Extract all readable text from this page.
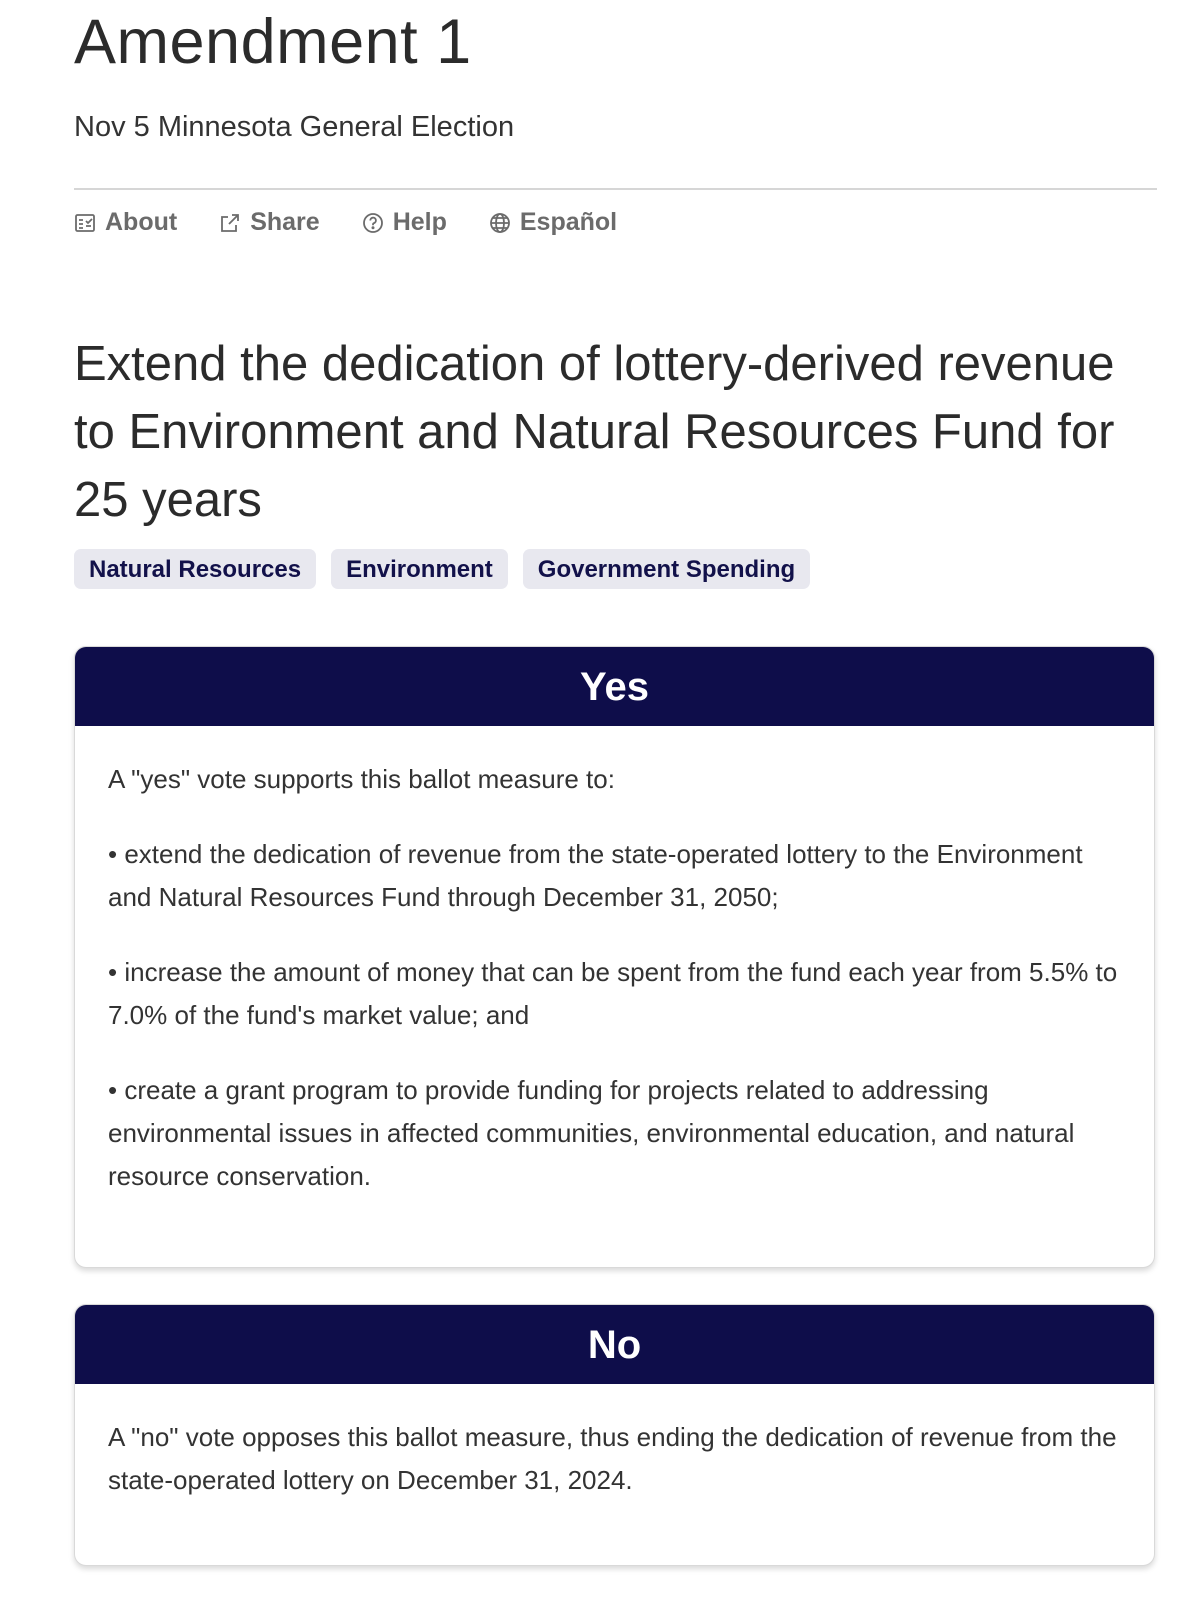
Amendment 1
Nov 5 Minnesota General Election
About	Share	Help	Español
Extend the dedication of lottery-derived revenue to Environment and Natural Resources Fund for 25 years
Natural Resources	Environment	Government Spending
Yes

A "yes" vote supports this ballot measure to:

• extend the dedication of revenue from the state-operated lottery to the Environment and Natural Resources Fund through December 31, 2050;

• increase the amount of money that can be spent from the fund each year from 5.5% to 7.0% of the fund's market value; and

• create a grant program to provide funding for projects related to addressing environmental issues in affected communities, environmental education, and natural resource conservation.

No

A "no" vote opposes this ballot measure, thus ending the dedication of revenue from the state-operated lottery on December 31, 2024.
